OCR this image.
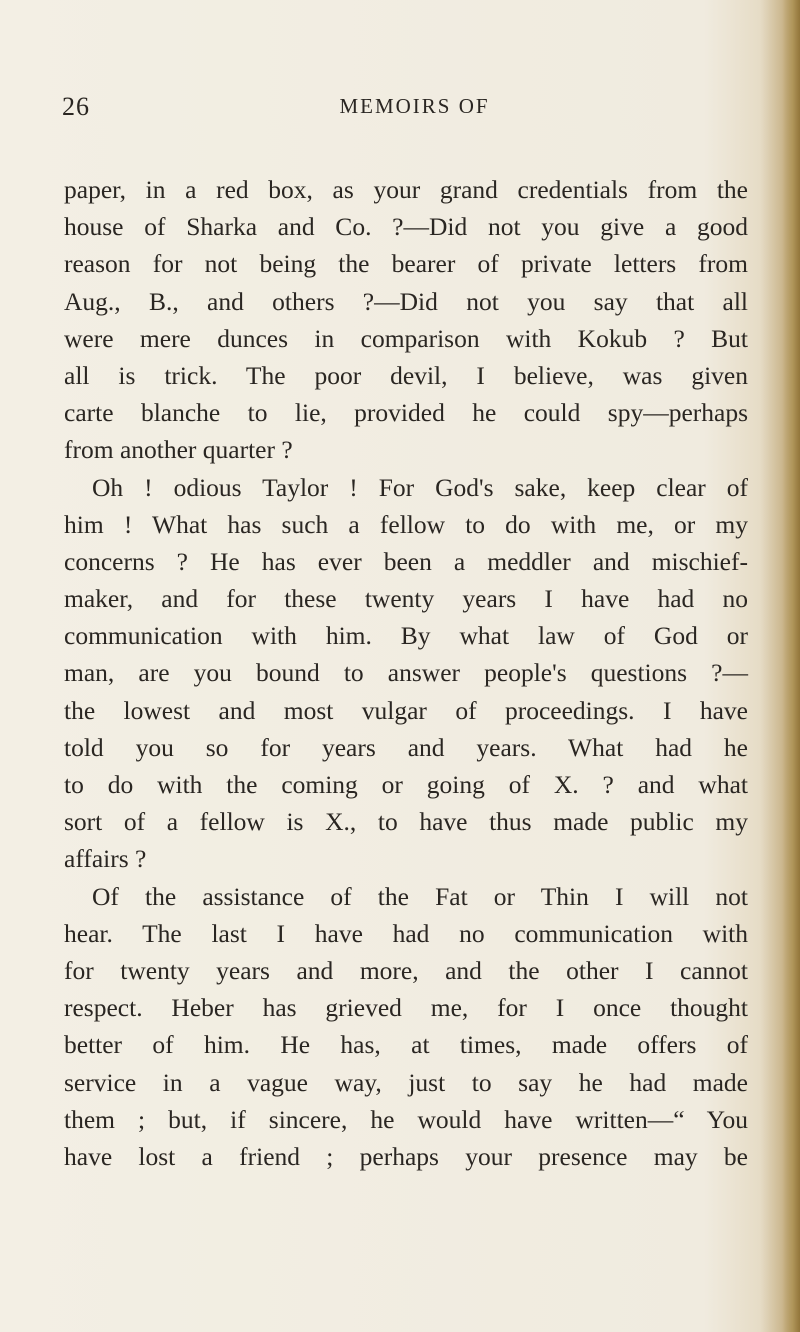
26	MEMOIRS OF
paper, in a red box, as your grand credentials from the
house of Sharka and Co. ?—Did not you give a good
reason for not being the bearer of private letters from
Aug., B., and others ?—Did not you say that all
were mere dunces in comparison with Kokub ? But
all is trick. The poor devil, I believe, was given
carte blanche to lie, provided he could spy—perhaps
from another quarter ?
Oh ! odious Taylor ! For God's sake, keep clear of
him ! What has such a fellow to do with me, or my
concerns ? He has ever been a meddler and mischief-
maker, and for these twenty years I have had no
communication with him. By what law of God or
man, are you bound to answer people's questions ?—
the lowest and most vulgar of proceedings. I have
told you so for years and years. What had he
to do with the coming or going of X. ? and what
sort of a fellow is X., to have thus made public my
affairs ?
Of the assistance of the Fat or Thin I will not
hear. The last I have had no communication with
for twenty years and more, and the other I cannot
respect. Heber has grieved me, for I once thought
better of him. He has, at times, made offers of
service in a vague way, just to say he had made
them ; but, if sincere, he would have written—“ You
have lost a friend ; perhaps your presence may be
